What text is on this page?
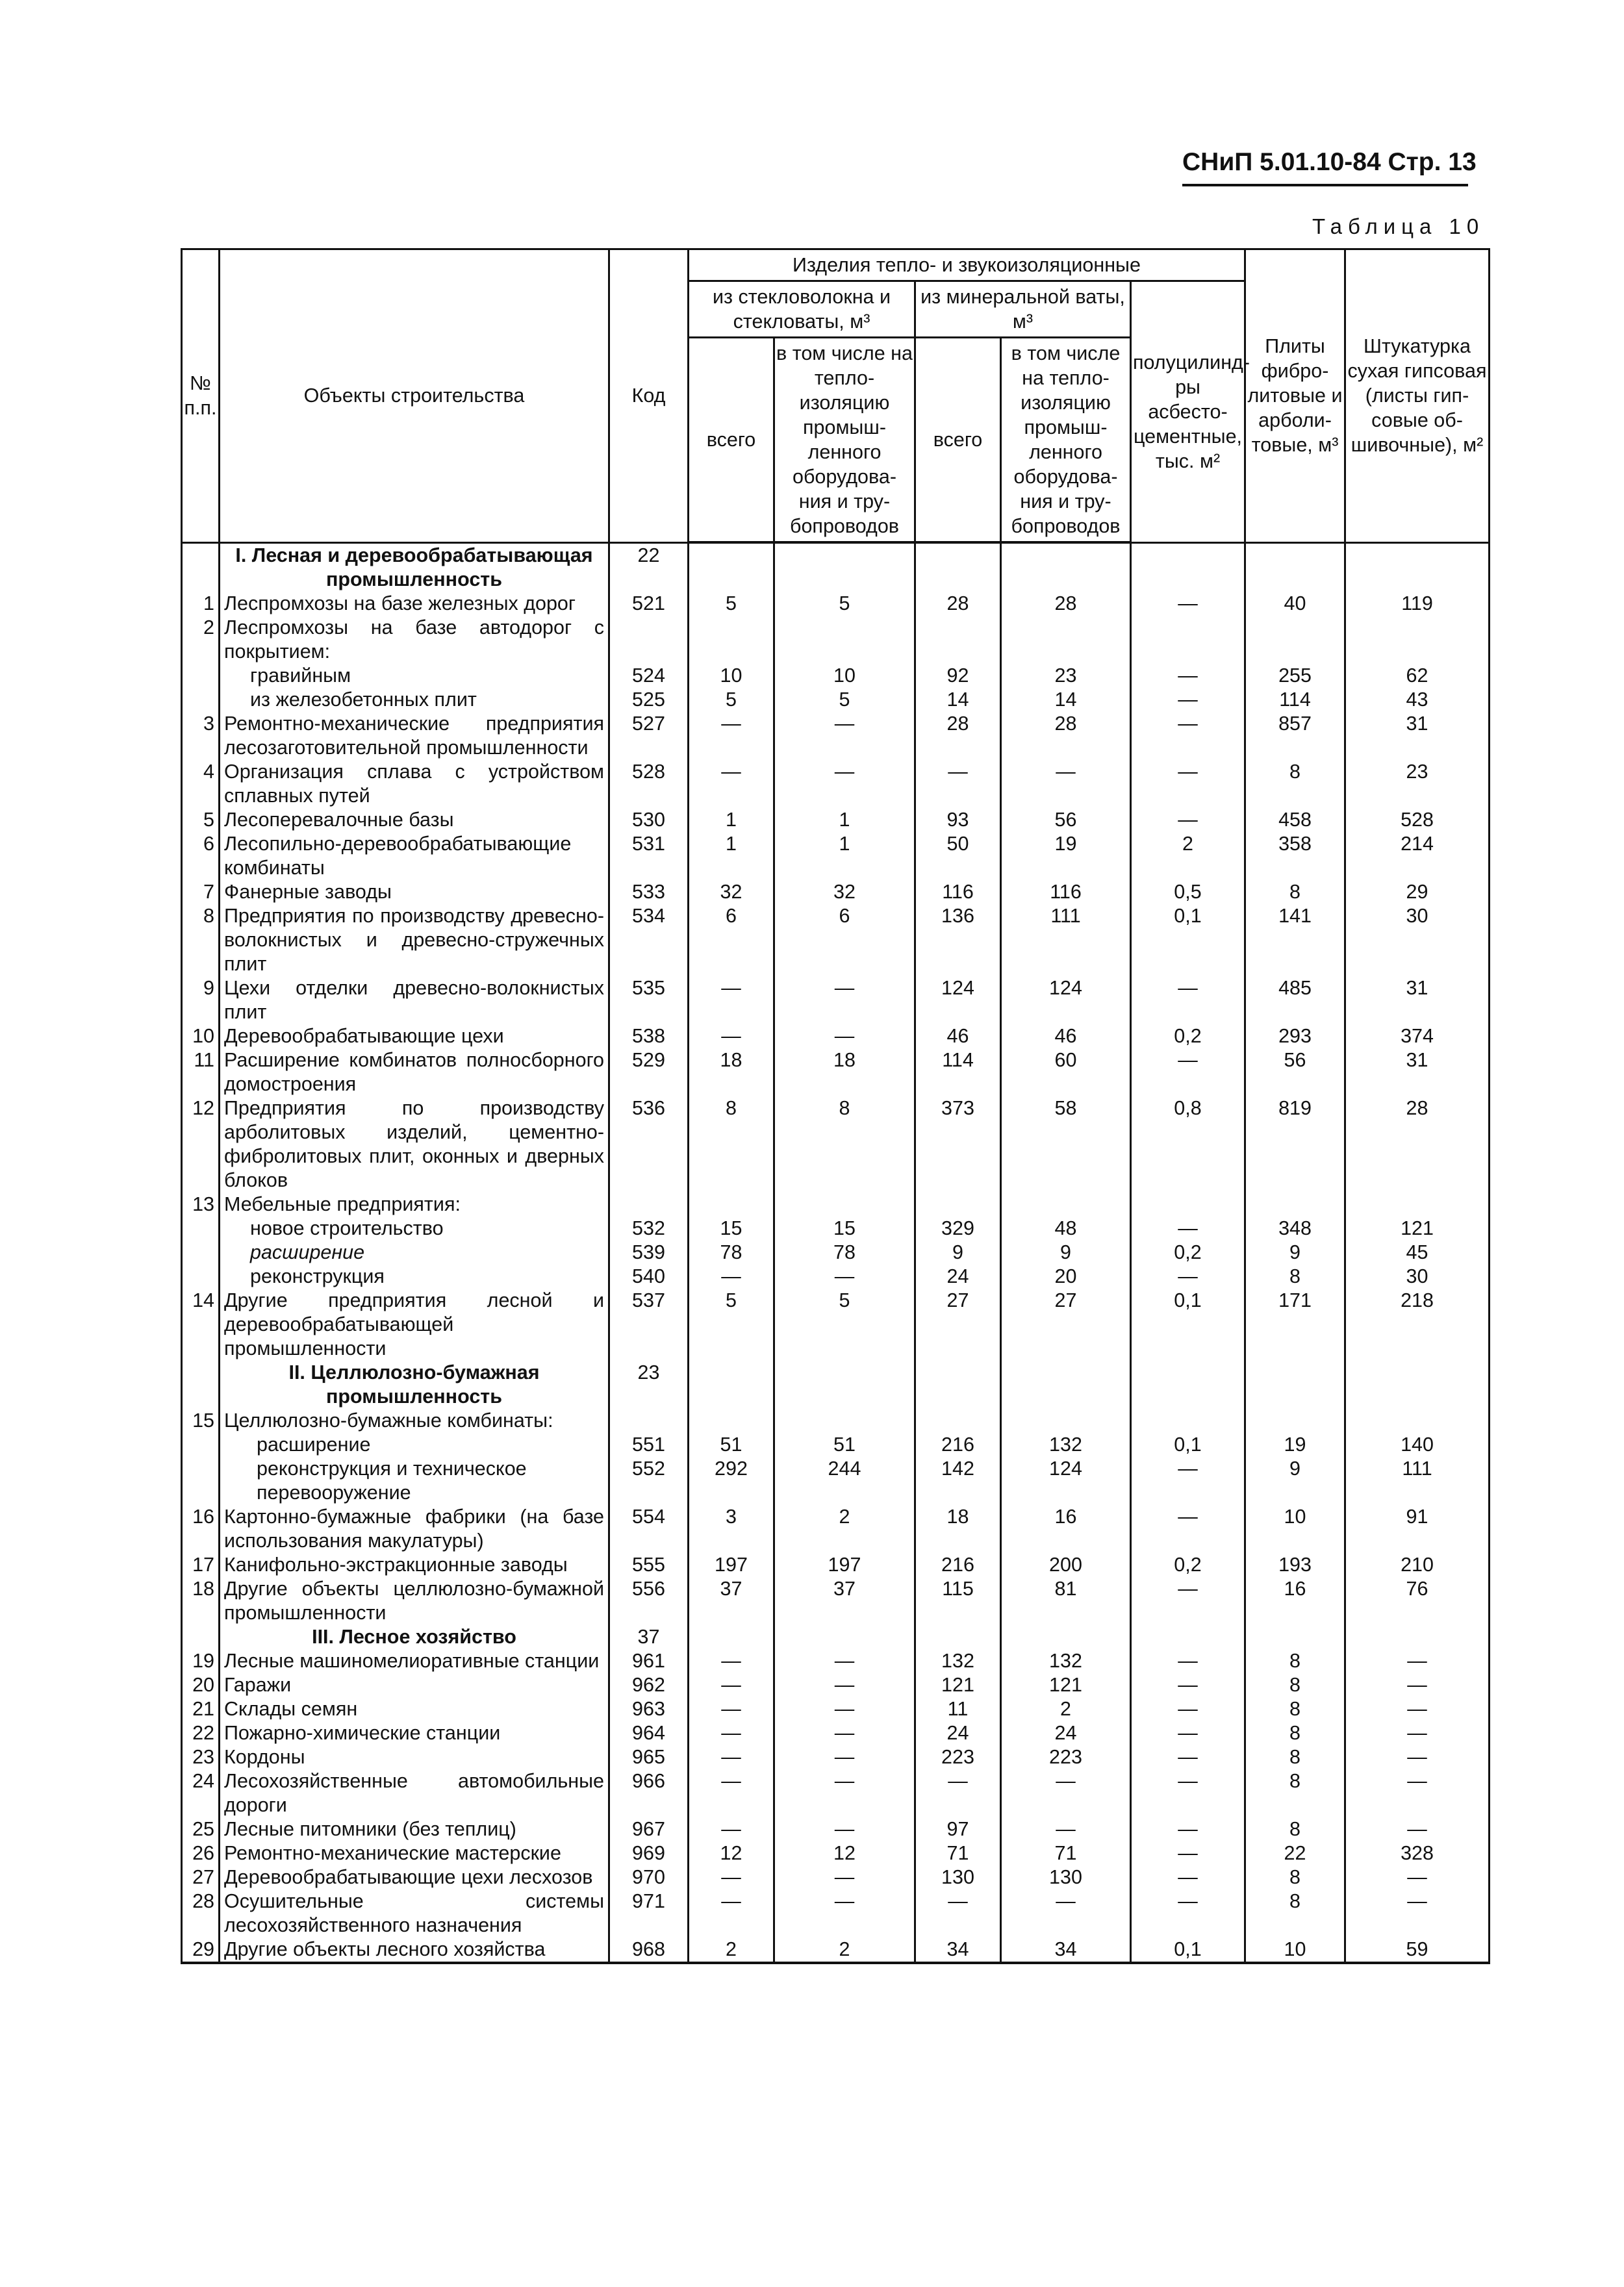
СНиП 5.01.10-84 Стр. 13
Таблица 10
№ п.п.	Объекты строительства	Код	Изделия тепло- и звукоизоляционные					Плиты фибро-литовые и арболи-товые, м³	Штукатурка сухая гипсовая (листы гип-совые об-шивочные), м²
			из стекловолокна и стекловаты, м³		из минеральной ваты, м³		полуцилинд-ры асбесто-цементные, тыс. м²		
			всего	в том числе на тепло-изоляцию промыш-ленного оборудова-ния и тру-бопроводов	всего	в том числе на тепло-изоляцию промыш-ленного оборудова-ния и тру-бопроводов			
	I. Лесная и деревообрабатывающая промышленность	22							
1	Леспромхозы на базе железных дорог	521	5	5	28	28	—	40	119
2	Леспромхозы на базе автодорог с покрытием:								
	гравийным	524	10	10	92	23	—	255	62
	из железобетонных плит	525	5	5	14	14	—	114	43
3	Ремонтно-механические предприятия лесозаготовительной промышленности	527	—	—	28	28	—	857	31
4	Организация сплава с устройством сплавных путей	528	—	—	—	—	—	8	23
5	Лесоперевалочные базы	530	1	1	93	56	—	458	528
6	Лесопильно-деревообрабатывающие комбинаты	531	1	1	50	19	2	358	214
7	Фанерные заводы	533	32	32	116	116	0,5	8	29
8	Предприятия по производству древесно-волокнистых и древесно-стружечных плит	534	6	6	136	111	0,1	141	30
9	Цехи отделки древесно-волокнистых плит	535	—	—	124	124	—	485	31
10	Деревообрабатывающие цехи	538	—	—	46	46	0,2	293	374
11	Расширение комбинатов полносборного домостроения	529	18	18	114	60	—	56	31
12	Предприятия по производству арболитовых изделий, цементно-фибролитовых плит, оконных и дверных блоков	536	8	8	373	58	0,8	819	28
13	Мебельные предприятия:								
	новое строительство	532	15	15	329	48	—	348	121
	расширение	539	78	78	9	9	0,2	9	45
	реконструкция	540	—	—	24	20	—	8	30
14	Другие предприятия лесной и деревообрабатывающей промышленности	537	5	5	27	27	0,1	171	218
	II. Целлюлозно-бумажная промышленность	23							
15	Целлюлозно-бумажные комбинаты:								
	расширение	551	51	51	216	132	0,1	19	140
	реконструкция и техническое перевооружение	552	292	244	142	124	—	9	111
16	Картонно-бумажные фабрики (на базе использования макулатуры)	554	3	2	18	16	—	10	91
17	Канифольно-экстракционные заводы	555	197	197	216	200	0,2	193	210
18	Другие объекты целлюлозно-бумажной промышленности	556	37	37	115	81	—	16	76
	III. Лесное хозяйство	37							
19	Лесные машиномелиоративные станции	961	—	—	132	132	—	8	—
20	Гаражи	962	—	—	121	121	—	8	—
21	Склады семян	963	—	—	11	2	—	8	—
22	Пожарно-химические станции	964	—	—	24	24	—	8	—
23	Кордоны	965	—	—	223	223	—	8	—
24	Лесохозяйственные автомобильные дороги	966	—	—	—	—	—	8	—
25	Лесные питомники (без теплиц)	967	—	—	97	—	—	8	—
26	Ремонтно-механические мастерские	969	12	12	71	71	—	22	328
27	Деревообрабатывающие цехи лесхозов	970	—	—	130	130	—	8	—
28	Осушительные системы лесохозяйственного назначения	971	—	—	—	—	—	8	—
29	Другие объекты лесного хозяйства	968	2	2	34	34	0,1	10	59
